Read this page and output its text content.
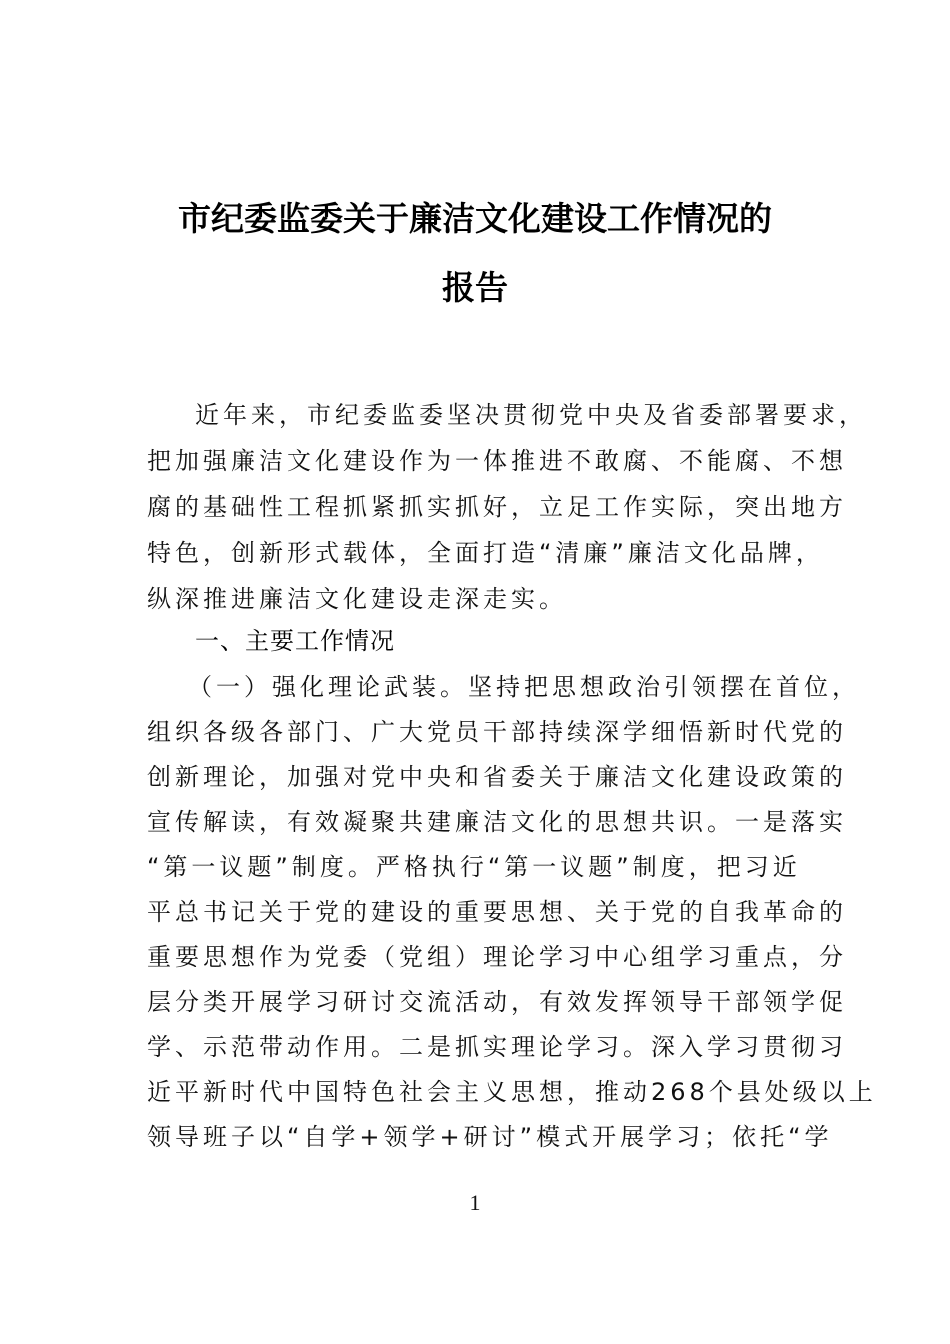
市纪委监委关于廉洁文化建设工作情况的
报告
近年来，市纪委监委坚决贯彻党中央及省委部署要求，
把加强廉洁文化建设作为一体推进不敢腐、不能腐、不想
腐的基础性工程抓紧抓实抓好，立足工作实际，突出地方
特色，创新形式载体，全面打造“清廉”廉洁文化品牌，
纵深推进廉洁文化建设走深走实。
一、主要工作情况
（一）强化理论武装。坚持把思想政治引领摆在首位，
组织各级各部门、广大党员干部持续深学细悟新时代党的
创新理论，加强对党中央和省委关于廉洁文化建设政策的
宣传解读，有效凝聚共建廉洁文化的思想共识。一是落实
“第一议题”制度。严格执行“第一议题”制度，把习近
平总书记关于党的建设的重要思想、关于党的自我革命的
重要思想作为党委（党组）理论学习中心组学习重点，分
层分类开展学习研讨交流活动，有效发挥领导干部领学促
学、示范带动作用。二是抓实理论学习。深入学习贯彻习
近平新时代中国特色社会主义思想，推动268个县处级以上
领导班子以“自学+领学+研讨”模式开展学习；依托“学
1
